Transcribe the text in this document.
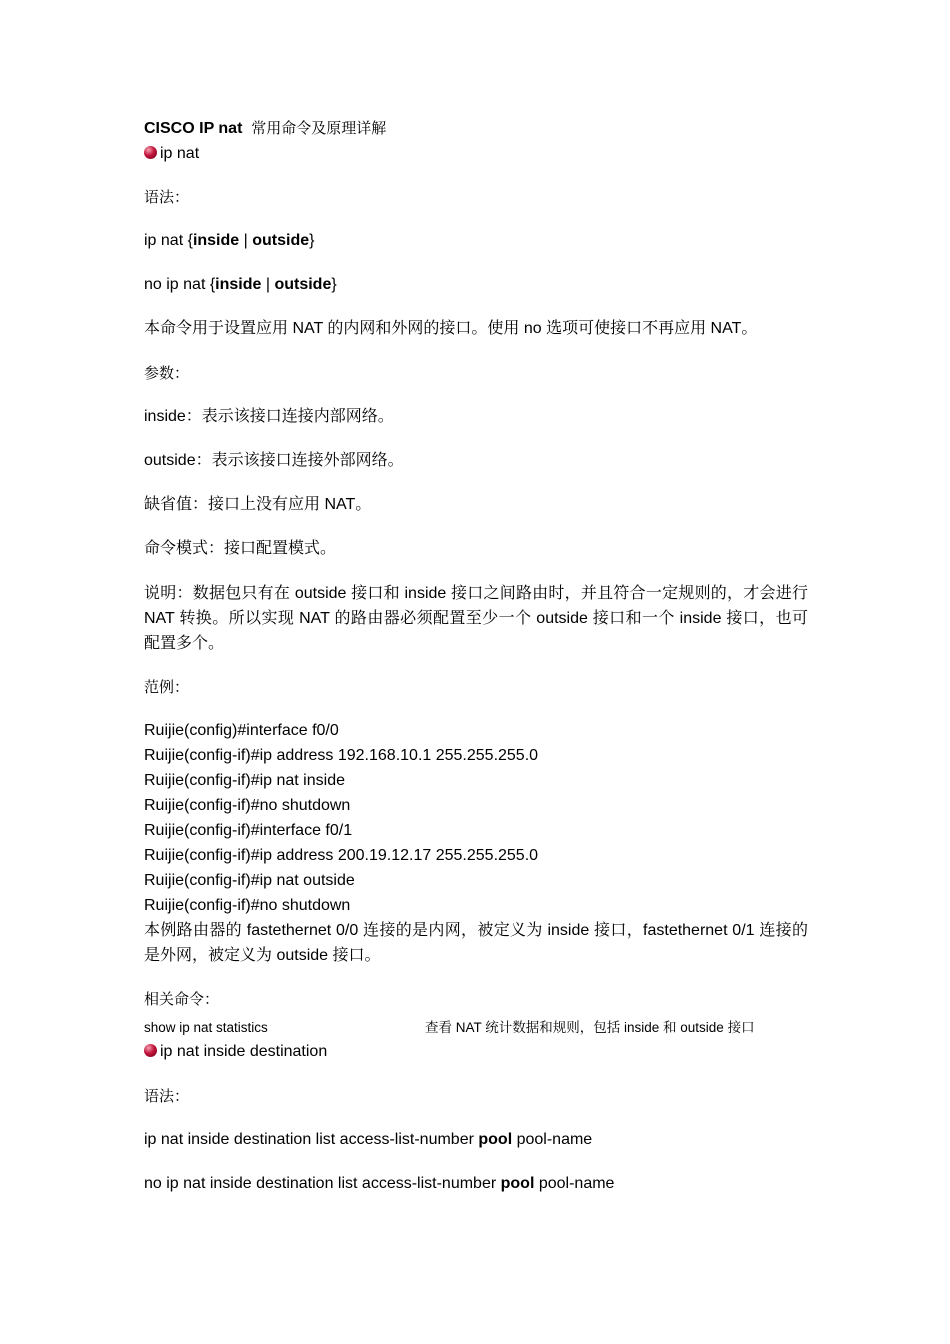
CISCO IP nat 常用命令及原理详解
ip nat
语法：
ip nat {inside | outside}
no ip nat {inside | outside}
本命令用于设置应用 NAT 的内网和外网的接口。使用 no 选项可使接口不再应用 NAT。
参数：
inside：表示该接口连接内部网络。
outside：表示该接口连接外部网络。
缺省值：接口上没有应用 NAT。
命令模式：接口配置模式。
说明：数据包只有在 outside 接口和 inside 接口之间路由时，并且符合一定规则的，才会进行 NAT 转换。所以实现 NAT 的路由器必须配置至少一个 outside 接口和一个 inside 接口，也可配置多个。
范例：
Ruijie(config)#interface f0/0
Ruijie(config-if)#ip address 192.168.10.1 255.255.255.0
Ruijie(config-if)#ip nat inside
Ruijie(config-if)#no shutdown
Ruijie(config-if)#interface f0/1
Ruijie(config-if)#ip address 200.19.12.17 255.255.255.0
Ruijie(config-if)#ip nat outside
Ruijie(config-if)#no shutdown
本例路由器的 fastethernet 0/0 连接的是内网，被定义为 inside 接口，fastethernet 0/1 连接的是外网，被定义为 outside 接口。
相关命令：
show ip nat statistics	查看 NAT 统计数据和规则，包括 inside 和 outside 接口
ip nat inside destination
语法：
ip nat inside destination list access-list-number pool pool-name
no ip nat inside destination list access-list-number pool pool-name
